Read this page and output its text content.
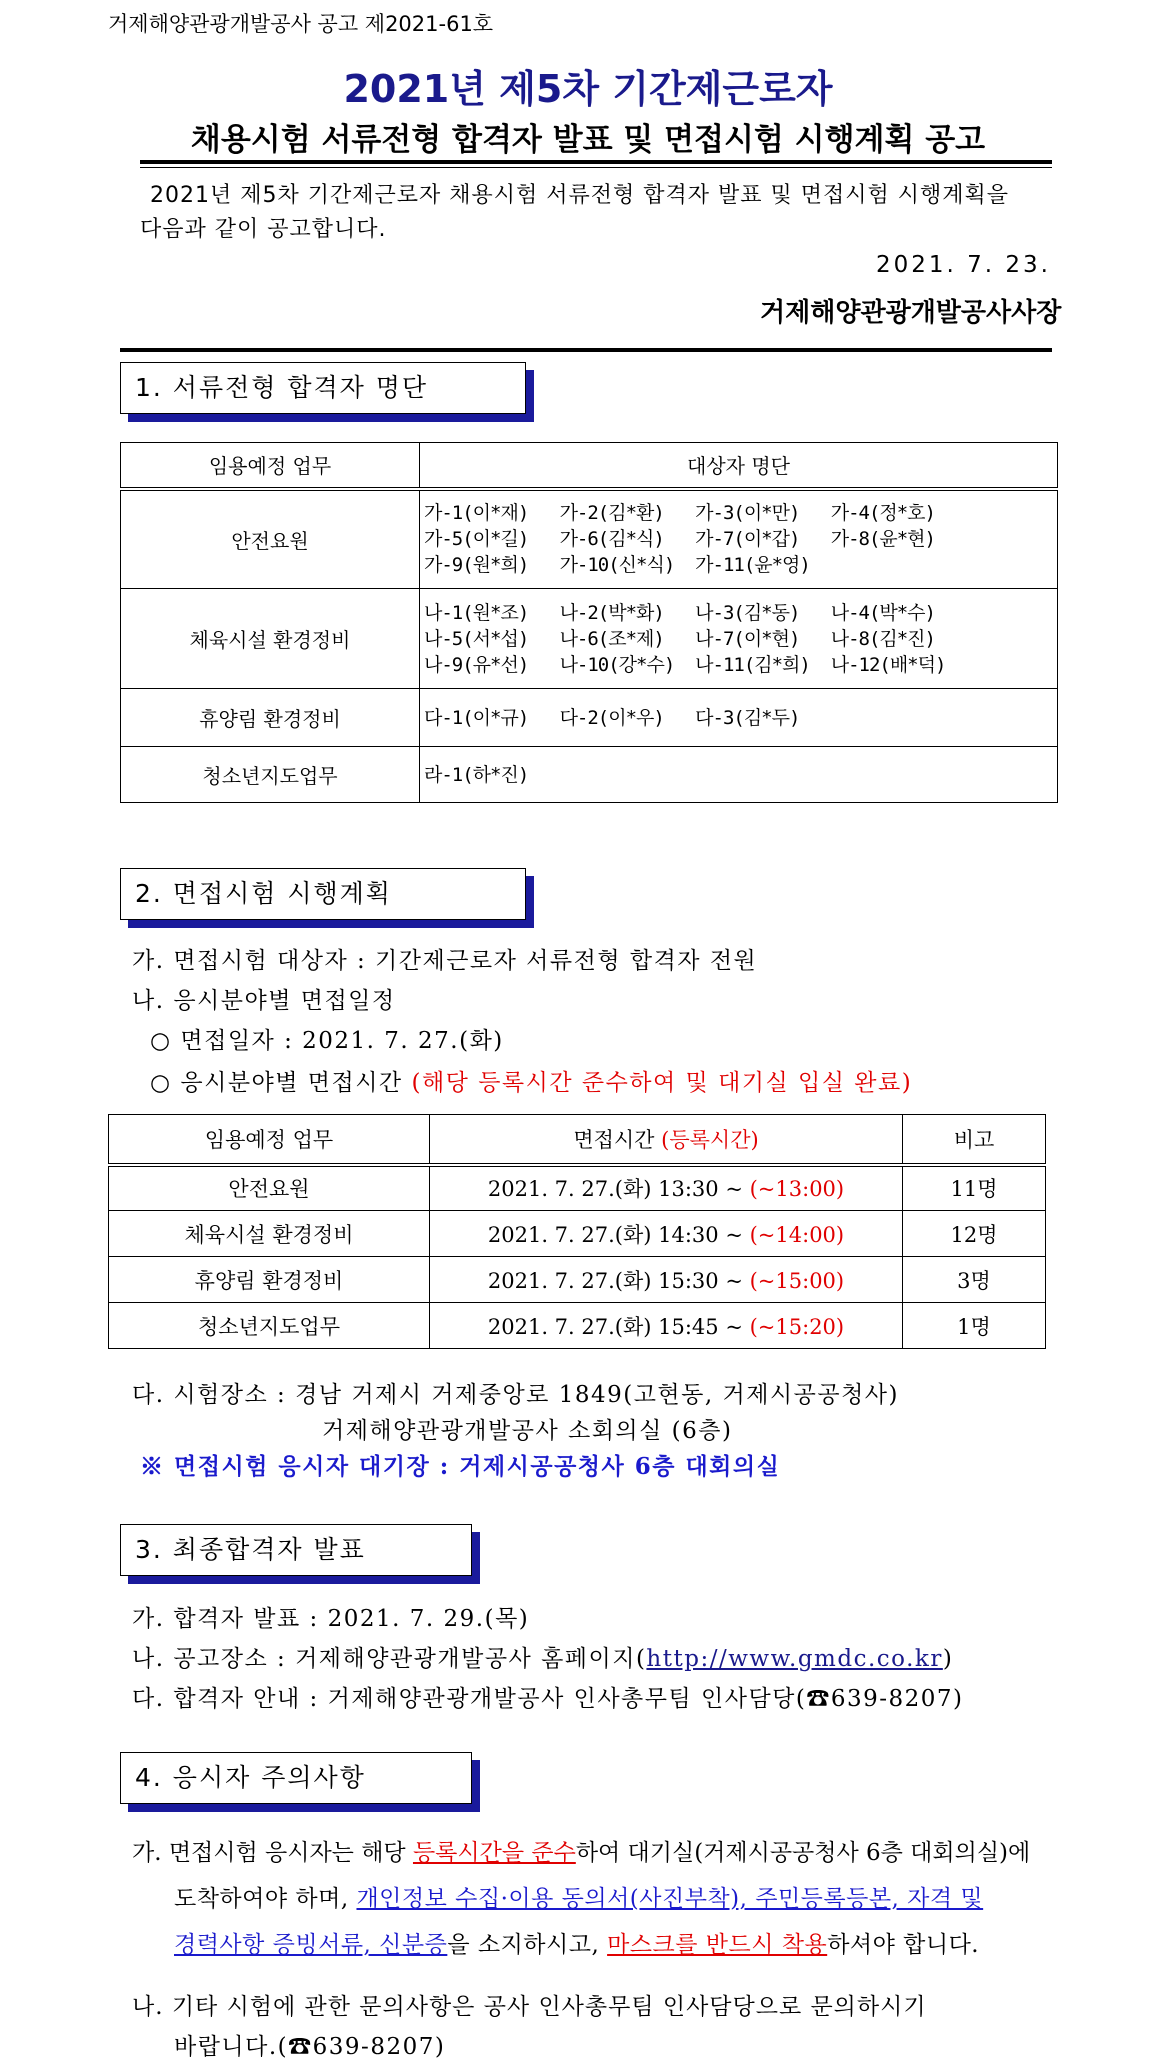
거제해양관광개발공사 공고 제2021-61호
2021년 제5차 기간제근로자
채용시험 서류전형 합격자 발표 및 면접시험 시행계획 공고
2021년 제5차 기간제근로자 채용시험 서류전형 합격자 발표 및 면접시험 시행계획을
다음과 같이 공고합니다.
2021. 7. 23.
거제해양관광개발공사사장
1. 서류전형 합격자 명단
임용예정 업무	대상자 명단
안전요원	가-1(이*재)   가-2(김*환)   가-3(이*만)   가-4(정*호)
가-5(이*길)   가-6(김*식)   가-7(이*갑)   가-8(윤*현)
가-9(원*희)   가-10(신*식)  가-11(윤*영)

체육시설 환경정비	나-1(원*조)   나-2(박*화)   나-3(김*동)   나-4(박*수)
나-5(서*섭)   나-6(조*제)   나-7(이*현)   나-8(김*진)
나-9(유*선)   나-10(강*수)  나-11(김*희)  나-12(배*덕)

휴양림 환경정비	다-1(이*규)   다-2(이*우)   다-3(김*두)

청소년지도업무	라-1(하*진)
2. 면접시험 시행계획
가. 면접시험 대상자 : 기간제근로자 서류전형 합격자 전원
나. 응시분야별 면접일정
○ 면접일자 : 2021. 7. 27.(화)
○ 응시분야별 면접시간 (해당 등록시간 준수하여 및 대기실 입실 완료)
임용예정 업무	면접시간 (등록시간)	비고
안전요원	2021. 7. 27.(화) 13:30 ~ (~13:00)	11명
체육시설 환경정비	2021. 7. 27.(화) 14:30 ~ (~14:00)	12명
휴양림 환경정비	2021. 7. 27.(화) 15:30 ~ (~15:00)	3명
청소년지도업무	2021. 7. 27.(화) 15:45 ~ (~15:20)	1명
다. 시험장소 : 경남 거제시 거제중앙로 1849(고현동, 거제시공공청사)
거제해양관광개발공사 소회의실 (6층)
※ 면접시험 응시자 대기장 : 거제시공공청사 6층 대회의실
3. 최종합격자 발표
가. 합격자 발표 : 2021. 7. 29.(목)
나. 공고장소 : 거제해양관광개발공사 홈페이지(http://www.gmdc.co.kr)
다. 합격자 안내 : 거제해양관광개발공사 인사총무팀 인사담당(☎639-8207)
4. 응시자 주의사항
가. 면접시험 응시자는 해당 등록시간을 준수하여 대기실(거제시공공청사 6층 대회의실)에
도착하여야 하며, 개인정보 수집·이용 동의서(사진부착), 주민등록등본, 자격 및
경력사항 증빙서류, 신분증을 소지하시고, 마스크를 반드시 착용하셔야 합니다.
나. 기타 시험에 관한 문의사항은 공사 인사총무팀 인사담당으로 문의하시기
바랍니다.(☎639-8207)
